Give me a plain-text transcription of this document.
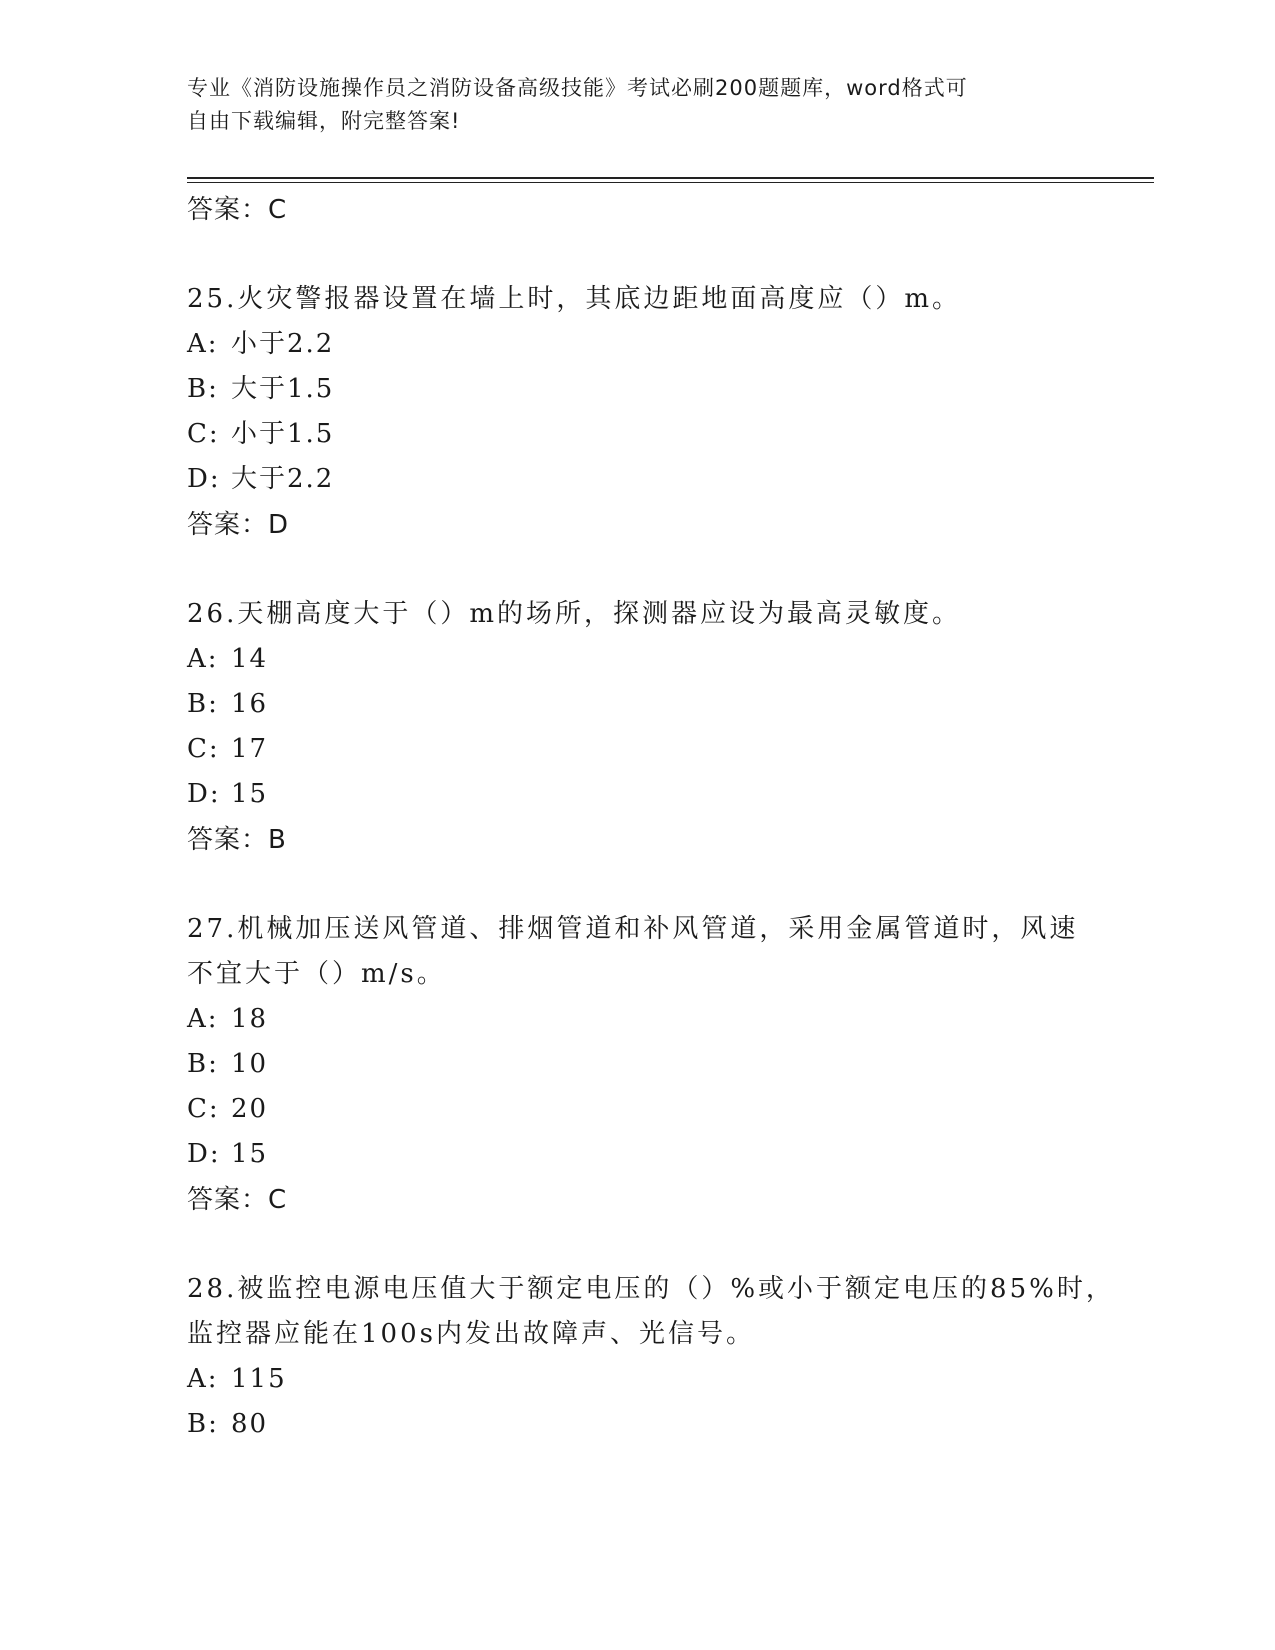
专业《消防设施操作员之消防设备高级技能》考试必刷200题题库，word格式可
自由下载编辑，附完整答案!
答案：C
25.火灾警报器设置在墙上时，其底边距地面高度应（）m。
A: 小于2.2
B: 大于1.5
C: 小于1.5
D: 大于2.2
答案：D
26.天棚高度大于（）m的场所，探测器应设为最高灵敏度。
A: 14
B: 16
C: 17
D: 15
答案：B
27.机械加压送风管道、排烟管道和补风管道，采用金属管道时，风速
不宜大于（）m/s。
A: 18
B: 10
C: 20
D: 15
答案：C
28.被监控电源电压值大于额定电压的（）%或小于额定电压的85%时，
监控器应能在100s内发出故障声、光信号。
A: 115
B: 80
